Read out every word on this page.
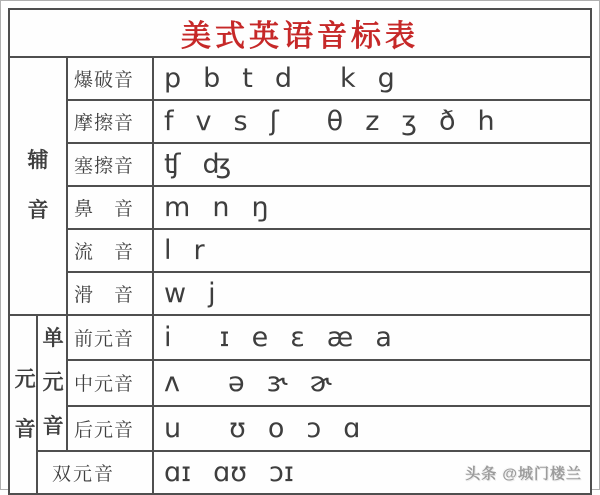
美式英语音标表			
辅音		爆破音	p b t d k g
		摩擦音	f v s ʃ θ z ʒ ð h
		塞擦音	ʧ ʤ
		鼻　音	m n ŋ
		流　音	l r
		滑　音	w j
元音	单元音	前元音	i ɪ e ɛ æ a
		中元音	ʌ ə ɝ ɚ
		后元音	u ʊ o ɔ ɑ
	双元音		ɑɪ ɑʊ ɔɪ 头条 @城门楼兰
